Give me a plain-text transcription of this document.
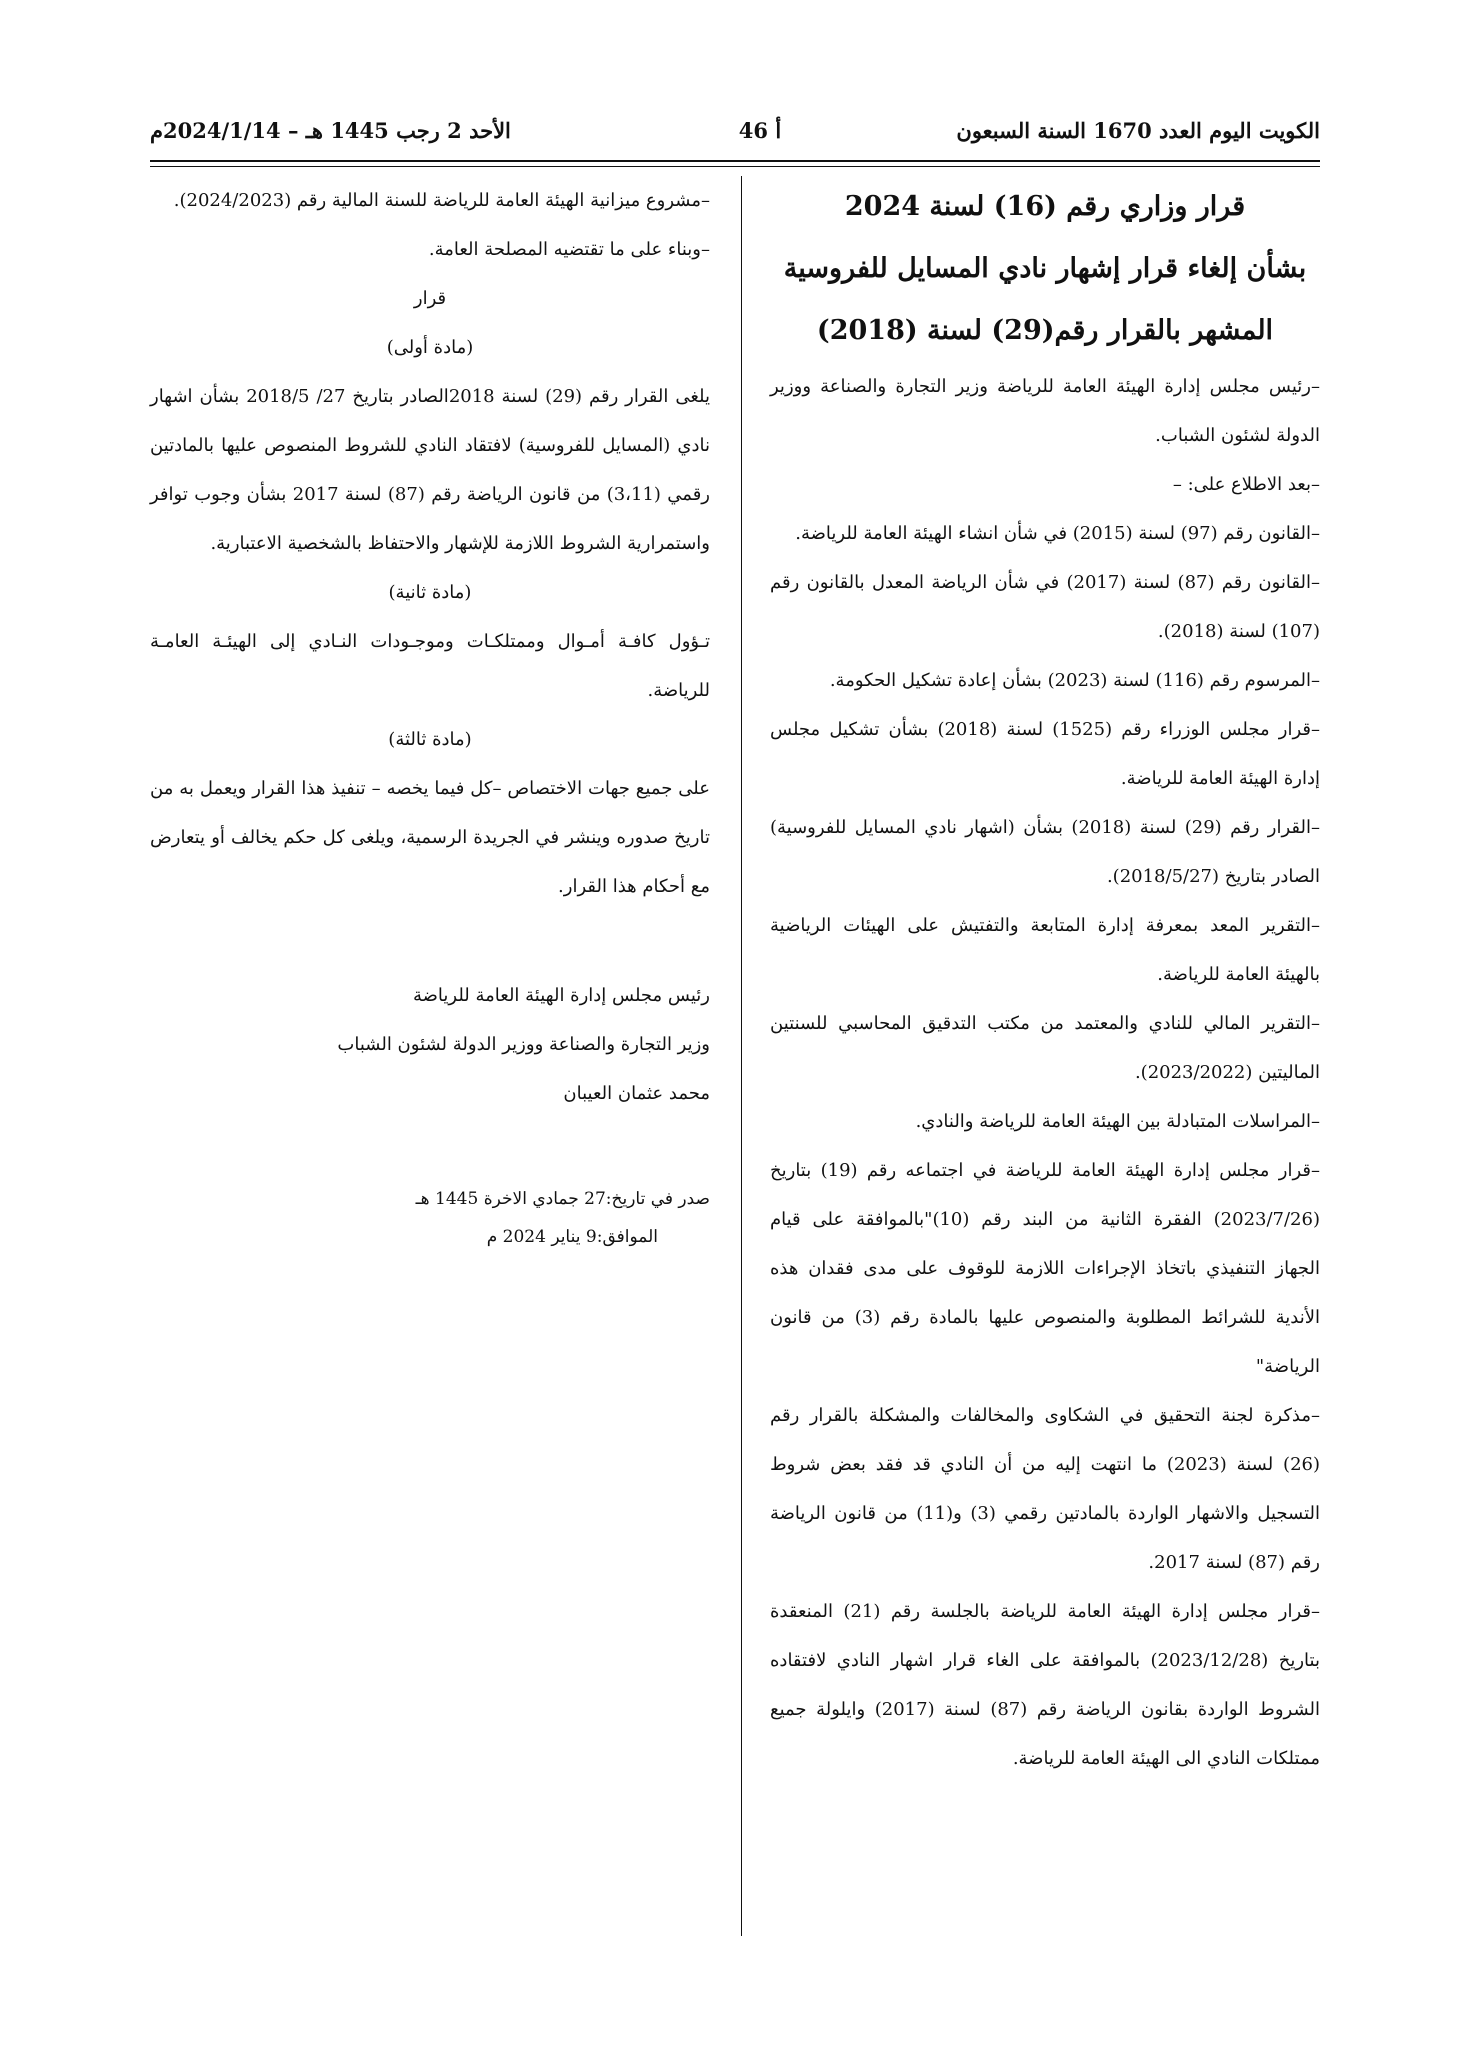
الكويت اليوم العدد 1670 السنة السبعون
أ 46
الأحد 2 رجب 1445 هـ – 2024/1/14م

قرار وزاري رقم (16) لسنة 2024

بشأن إلغاء قرار إشهار نادي المسايل للفروسية

المشهر بالقرار رقم(29) لسنة (2018)

–رئيس مجلس إدارة الهيئة العامة للرياضة وزير التجارة والصناعة ووزير الدولة لشئون الشباب.

–بعد الاطلاع على: –

–القانون رقم (97) لسنة (2015) في شأن انشاء الهيئة العامة للرياضة.

–القانون رقم (87) لسنة (2017) في شأن الرياضة المعدل بالقانون رقم (107) لسنة (2018).

–المرسوم رقم (116) لسنة (2023) بشأن إعادة تشكيل الحكومة.

–قرار مجلس الوزراء رقم (1525) لسنة (2018) بشأن تشكيل مجلس إدارة الهيئة العامة للرياضة.

–القرار رقم (29) لسنة (2018) بشأن (اشهار نادي المسايل للفروسية) الصادر بتاريخ (2018/5/27).

–التقرير المعد بمعرفة إدارة المتابعة والتفتيش على الهيئات الرياضية بالهيئة العامة للرياضة.

–التقرير المالي للنادي والمعتمد من مكتب التدقيق المحاسبي للسنتين الماليتين (2023/2022).

–المراسلات المتبادلة بين الهيئة العامة للرياضة والنادي.

–قرار مجلس إدارة الهيئة العامة للرياضة في اجتماعه رقم (19) بتاريخ (2023/7/26) الفقرة الثانية من البند رقم (10)"بالموافقة على قيام الجهاز التنفيذي باتخاذ الإجراءات اللازمة للوقوف على مدى فقدان هذه الأندية للشرائط المطلوبة والمنصوص عليها بالمادة رقم (3) من قانون الرياضة"

–مذكرة لجنة التحقيق في الشكاوى والمخالفات والمشكلة بالقرار رقم (26) لسنة (2023) ما انتهت إليه من أن النادي قد فقد بعض شروط التسجيل والاشهار الواردة بالمادتين رقمي (3) و(11) من قانون الرياضة رقم (87) لسنة 2017.

–قرار مجلس إدارة الهيئة العامة للرياضة بالجلسة رقم (21) المنعقدة بتاريخ (2023/12/28) بالموافقة على الغاء قرار اشهار النادي لافتقاده الشروط الواردة بقانون الرياضة رقم (87) لسنة (2017) وايلولة جميع ممتلكات النادي الى الهيئة العامة للرياضة.

–مشروع ميزانية الهيئة العامة للرياضة للسنة المالية رقم (2024/2023).

–وبناء على ما تقتضيه المصلحة العامة.

قرار

(مادة أولى)

يلغى القرار رقم (29) لسنة 2018الصادر بتاريخ 27/ 2018/5 بشأن اشهار نادي (المسايل للفروسية) لافتقاد النادي للشروط المنصوص عليها بالمادتين رقمي (3،11) من قانون الرياضة رقم (87) لسنة 2017 بشأن وجوب توافر واستمرارية الشروط اللازمة للإشهار والاحتفاظ بالشخصية الاعتبارية.

(مادة ثانية)

تـؤول كافـة أمـوال وممتلكـات وموجـودات النـادي إلى الهيئـة العامـة للرياضة.

(مادة ثالثة)

على جميع جهات الاختصاص –كل فيما يخصه – تنفيذ هذا القرار ويعمل به من تاريخ صدوره وينشر في الجريدة الرسمية، ويلغى كل حكم يخالف أو يتعارض مع أحكام هذا القرار.

رئيس مجلس إدارة الهيئة العامة للرياضة

وزير التجارة والصناعة ووزير الدولة لشئون الشباب

محمد عثمان العيبان

صدر في تاريخ:27 جمادي الاخرة 1445 هـ

الموافق:9 يناير 2024 م
